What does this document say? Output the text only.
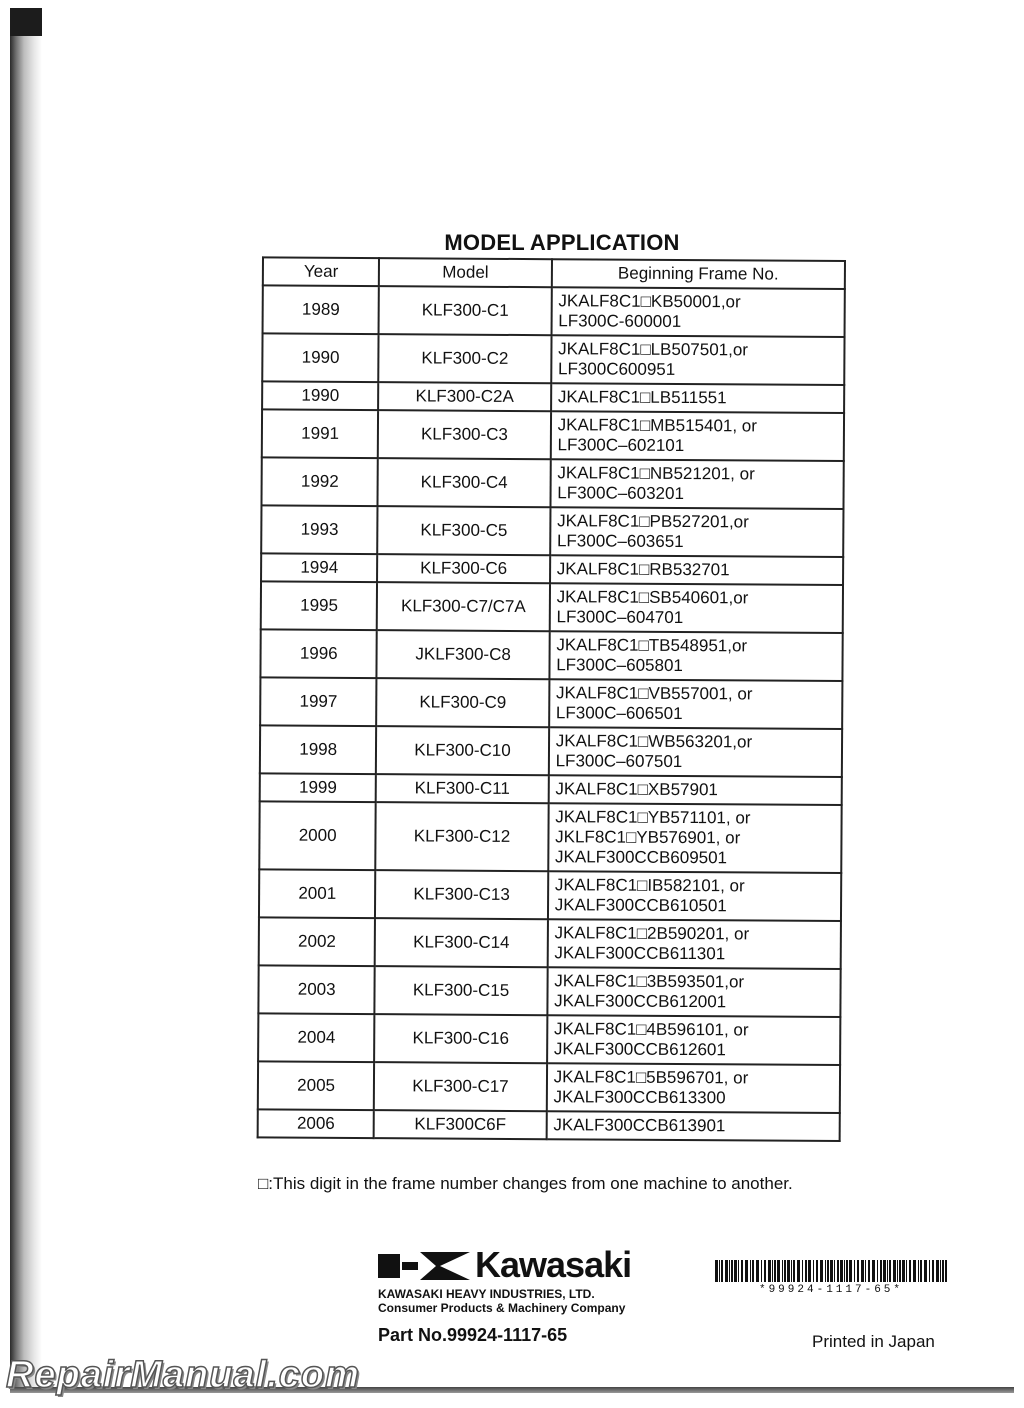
MODEL APPLICATION
Year	Model	Beginning Frame No.
1989	KLF300-C1	JKALF8C1□KB50001,or
LF300C-600001

1990	KLF300-C2	JKALF8C1□LB507501,or
LF300C600951

1990	KLF300-C2A	JKALF8C1□LB511551

1991	KLF300-C3	JKALF8C1□MB515401, or
LF300C–602101

1992	KLF300-C4	JKALF8C1□NB521201, or
LF300C–603201

1993	KLF300-C5	JKALF8C1□PB527201,or
LF300C–603651

1994	KLF300-C6	JKALF8C1□RB532701

1995	KLF300-C7/C7A	JKALF8C1□SB540601,or
LF300C–604701

1996	JKLF300-C8	JKALF8C1□TB548951,or
LF300C–605801

1997	KLF300-C9	JKALF8C1□VB557001, or
LF300C–606501

1998	KLF300-C10	JKALF8C1□WB563201,or
LF300C–607501

1999	KLF300-C11	JKALF8C1□XB57901

2000	KLF300-C12	JKALF8C1□YB571101, or
JKLF8C1□YB576901, or
JKALF300CCB609501

2001	KLF300-C13	JKALF8C1□IB582101, or
JKALF300CCB610501

2002	KLF300-C14	JKALF8C1□2B590201, or
JKALF300CCB611301

2003	KLF300-C15	JKALF8C1□3B593501,or
JKALF300CCB612001

2004	KLF300-C16	JKALF8C1□4B596101, or
JKALF300CCB612601

2005	KLF300-C17	JKALF8C1□5B596701, or
JKALF300CCB613300

2006	KLF300C6F	JKALF300CCB613901
□:This digit in the frame number changes from one machine to another.
Kawasaki
KAWASAKI HEAVY INDUSTRIES, LTD.
Consumer Products & Machinery Company
Part No.99924-1117-65
*99924-1117-65*
Printed in Japan
RepairManual.com
